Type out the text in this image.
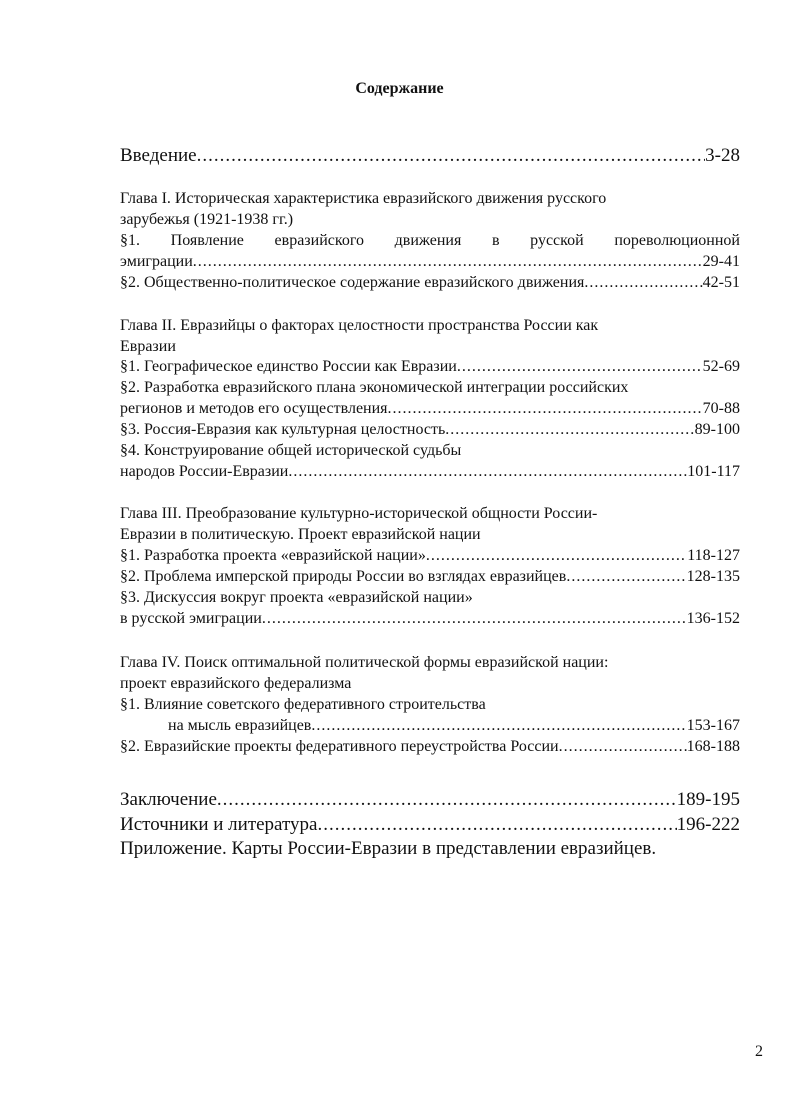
Содержание
Введение .....	3-28
Глава I. Историческая характеристика евразийского движения русского
зарубежья (1921-1938 гг.)
§1. Появление евразийского движения в русской пореволюционной
эмиграции .....	29-41
§2. Общественно-политическое содержание евразийского движения .....	42-51
Глава II. Евразийцы о факторах целостности пространства России как
Евразии
§1. Географическое единство России как Евразии .....	52-69
§2. Разработка евразийского плана экономической интеграции российских
регионов и методов его осуществления .....	70-88
§3. Россия-Евразия как культурная целостность .....	89-100
§4. Конструирование общей исторической судьбы
народов России-Евразии .....	101-117
Глава III. Преобразование культурно-исторической общности России-
Евразии в политическую. Проект евразийской нации
§1. Разработка проекта «евразийской нации» .....	118-127
§2. Проблема имперской природы России во взглядах евразийцев .....	128-135
§3. Дискуссия вокруг проекта «евразийской нации»
в русской эмиграции .....	136-152
Глава IV. Поиск оптимальной политической формы евразийской нации:
проект евразийского федерализма
§1. Влияние советского федеративного строительства
на мысль евразийцев .....	153-167
§2. Евразийские проекты федеративного переустройства России .....	168-188
Заключение .....	189-195
Источники и литература .....	196-222
Приложение. Карты России-Евразии в представлении евразийцев.
2
